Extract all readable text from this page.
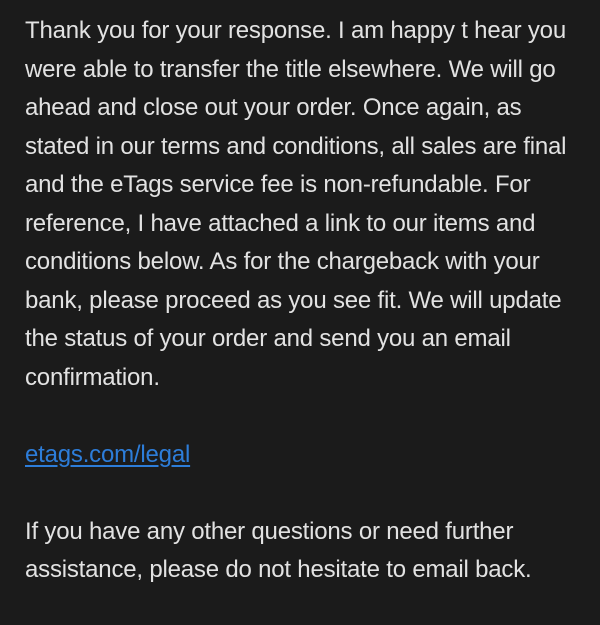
Thank you for your response. I am happy t hear you
were able to transfer the title elsewhere. We will go
ahead and close out your order. Once again, as
stated in our terms and conditions, all sales are final
and the eTags service fee is non-refundable. For
reference, I have attached a link to our items and
conditions below. As for the chargeback with your
bank, please proceed as you see fit. We will update
the status of your order and send you an email
confirmation.
etags.com/legal
If you have any other questions or need further
assistance, please do not hesitate to email back.
